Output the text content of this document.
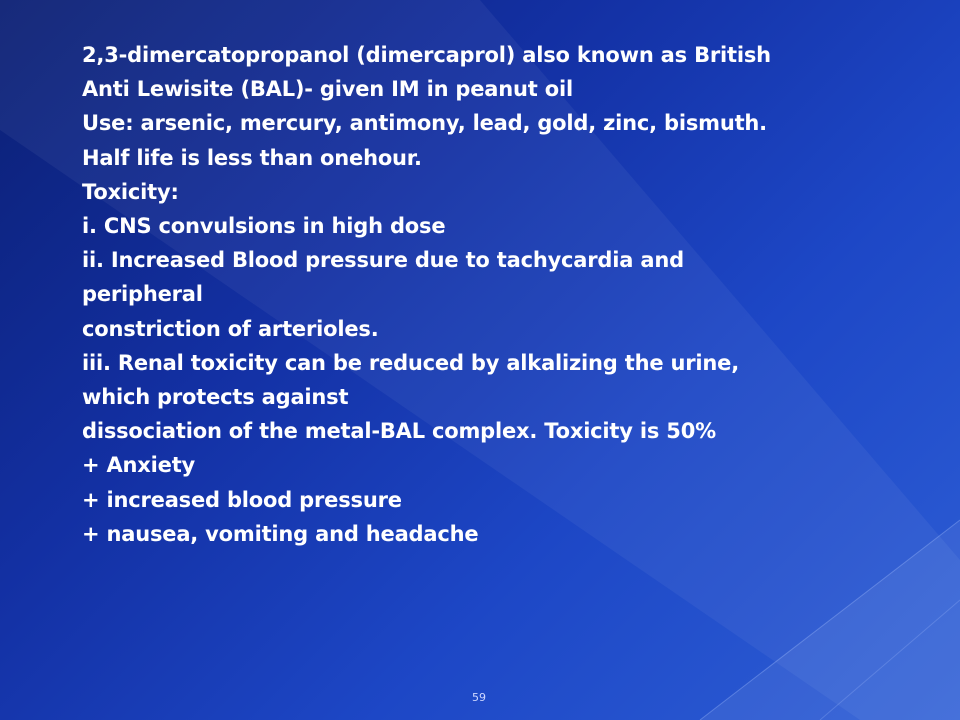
2,3-dimercatopropanol (dimercaprol) also known as British
Anti Lewisite (BAL)- given IM in peanut oil
Use: arsenic, mercury, antimony, lead, gold, zinc, bismuth.
Half life is less than onehour.
Toxicity:
i. CNS convulsions in high dose
ii. Increased Blood pressure due to tachycardia and
peripheral
constriction of arterioles.
iii. Renal toxicity can be reduced by alkalizing the urine,
which protects against
dissociation of the metal-BAL complex. Toxicity is 50%
+ Anxiety
+ increased blood pressure
+ nausea, vomiting and headache
59
